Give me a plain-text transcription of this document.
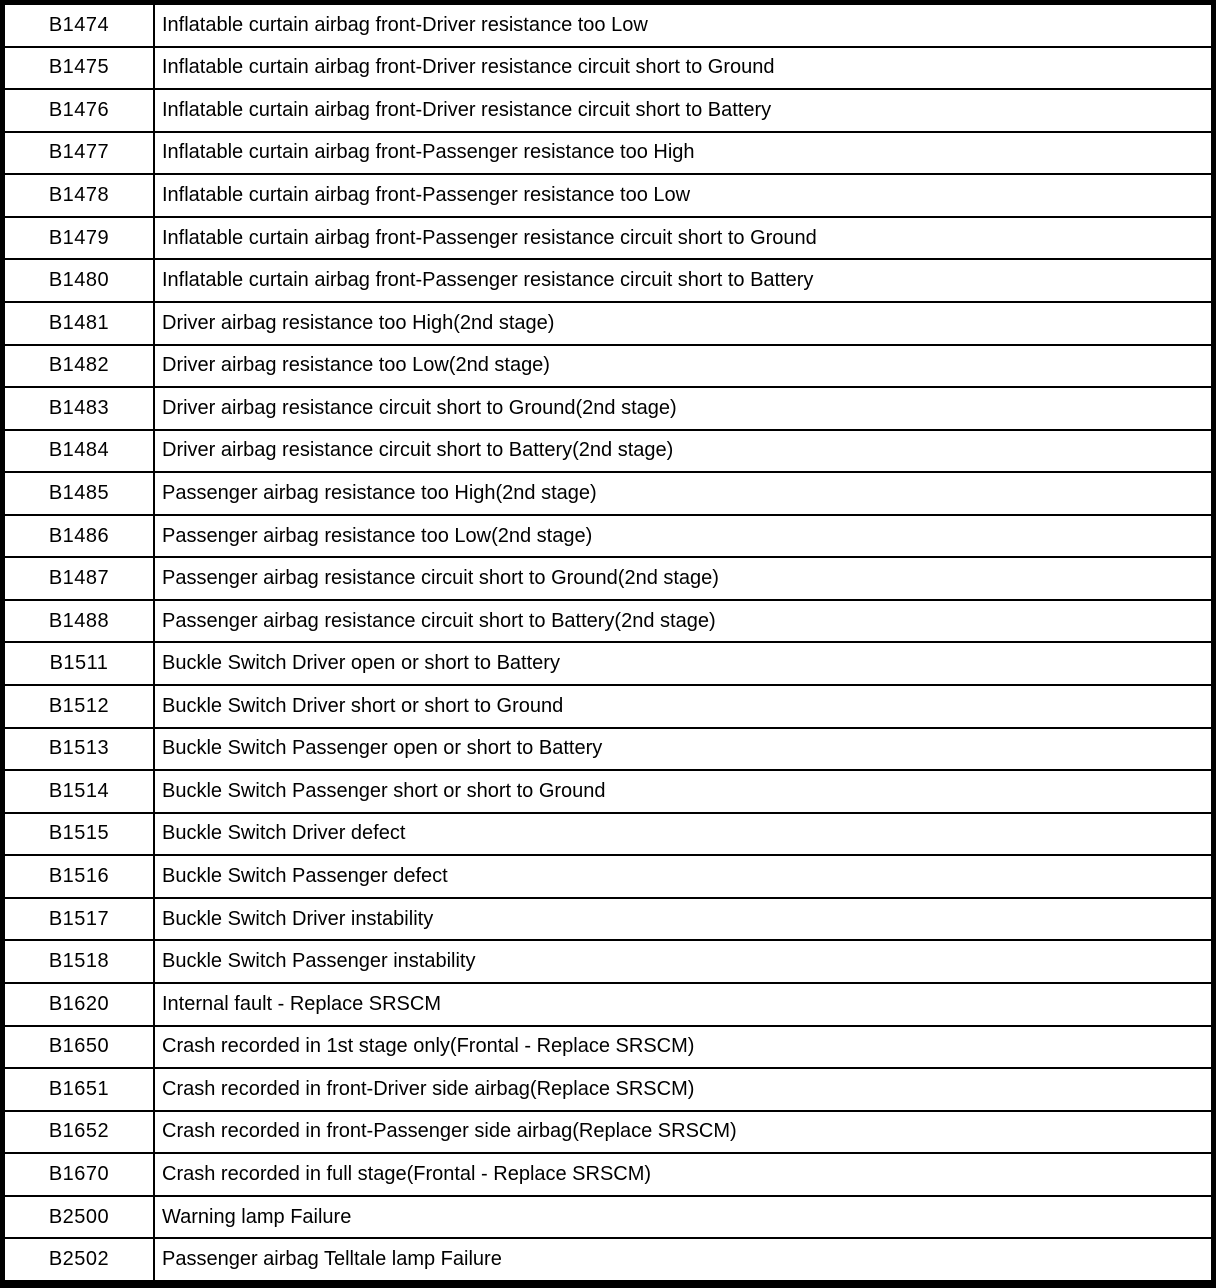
B1474	Inflatable curtain airbag front-Driver resistance too Low
B1475	Inflatable curtain airbag front-Driver resistance circuit short to Ground
B1476	Inflatable curtain airbag front-Driver resistance circuit short to Battery
B1477	Inflatable curtain airbag front-Passenger resistance too High
B1478	Inflatable curtain airbag front-Passenger resistance too Low
B1479	Inflatable curtain airbag front-Passenger resistance circuit short to Ground
B1480	Inflatable curtain airbag front-Passenger resistance circuit short to Battery
B1481	Driver airbag resistance too High(2nd stage)
B1482	Driver airbag resistance too Low(2nd stage)
B1483	Driver airbag resistance circuit short to Ground(2nd stage)
B1484	Driver airbag resistance circuit short to Battery(2nd stage)
B1485	Passenger airbag resistance too High(2nd stage)
B1486	Passenger airbag resistance too Low(2nd stage)
B1487	Passenger airbag resistance circuit short to Ground(2nd stage)
B1488	Passenger airbag resistance circuit short to Battery(2nd stage)
B1511	Buckle Switch Driver open or short to Battery
B1512	Buckle Switch Driver short or short to Ground
B1513	Buckle Switch Passenger open or short to Battery
B1514	Buckle Switch Passenger short or short to Ground
B1515	Buckle Switch Driver defect
B1516	Buckle Switch Passenger defect
B1517	Buckle Switch Driver instability
B1518	Buckle Switch Passenger instability
B1620	Internal fault - Replace SRSCM
B1650	Crash recorded in 1st stage only(Frontal - Replace SRSCM)
B1651	Crash recorded in front-Driver side airbag(Replace SRSCM)
B1652	Crash recorded in front-Passenger side airbag(Replace SRSCM)
B1670	Crash recorded in full stage(Frontal - Replace SRSCM)
B2500	Warning lamp Failure
B2502	Passenger airbag Telltale lamp Failure
